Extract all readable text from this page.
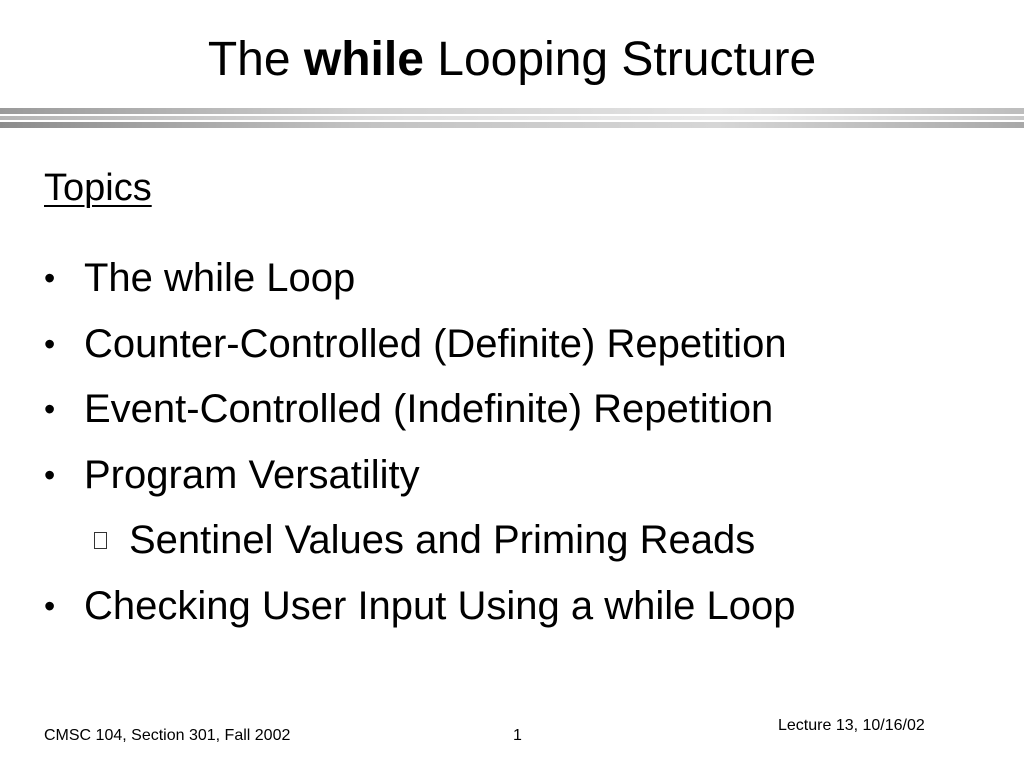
The while Looping Structure
Topics
• The while Loop
• Counter-Controlled (Definite) Repetition
• Event-Controlled (Indefinite) Repetition
• Program Versatility
Sentinel Values and Priming Reads
• Checking User Input Using a while Loop
CMSC 104, Section 301, Fall 2002	1
Lecture 13, 10/16/02
